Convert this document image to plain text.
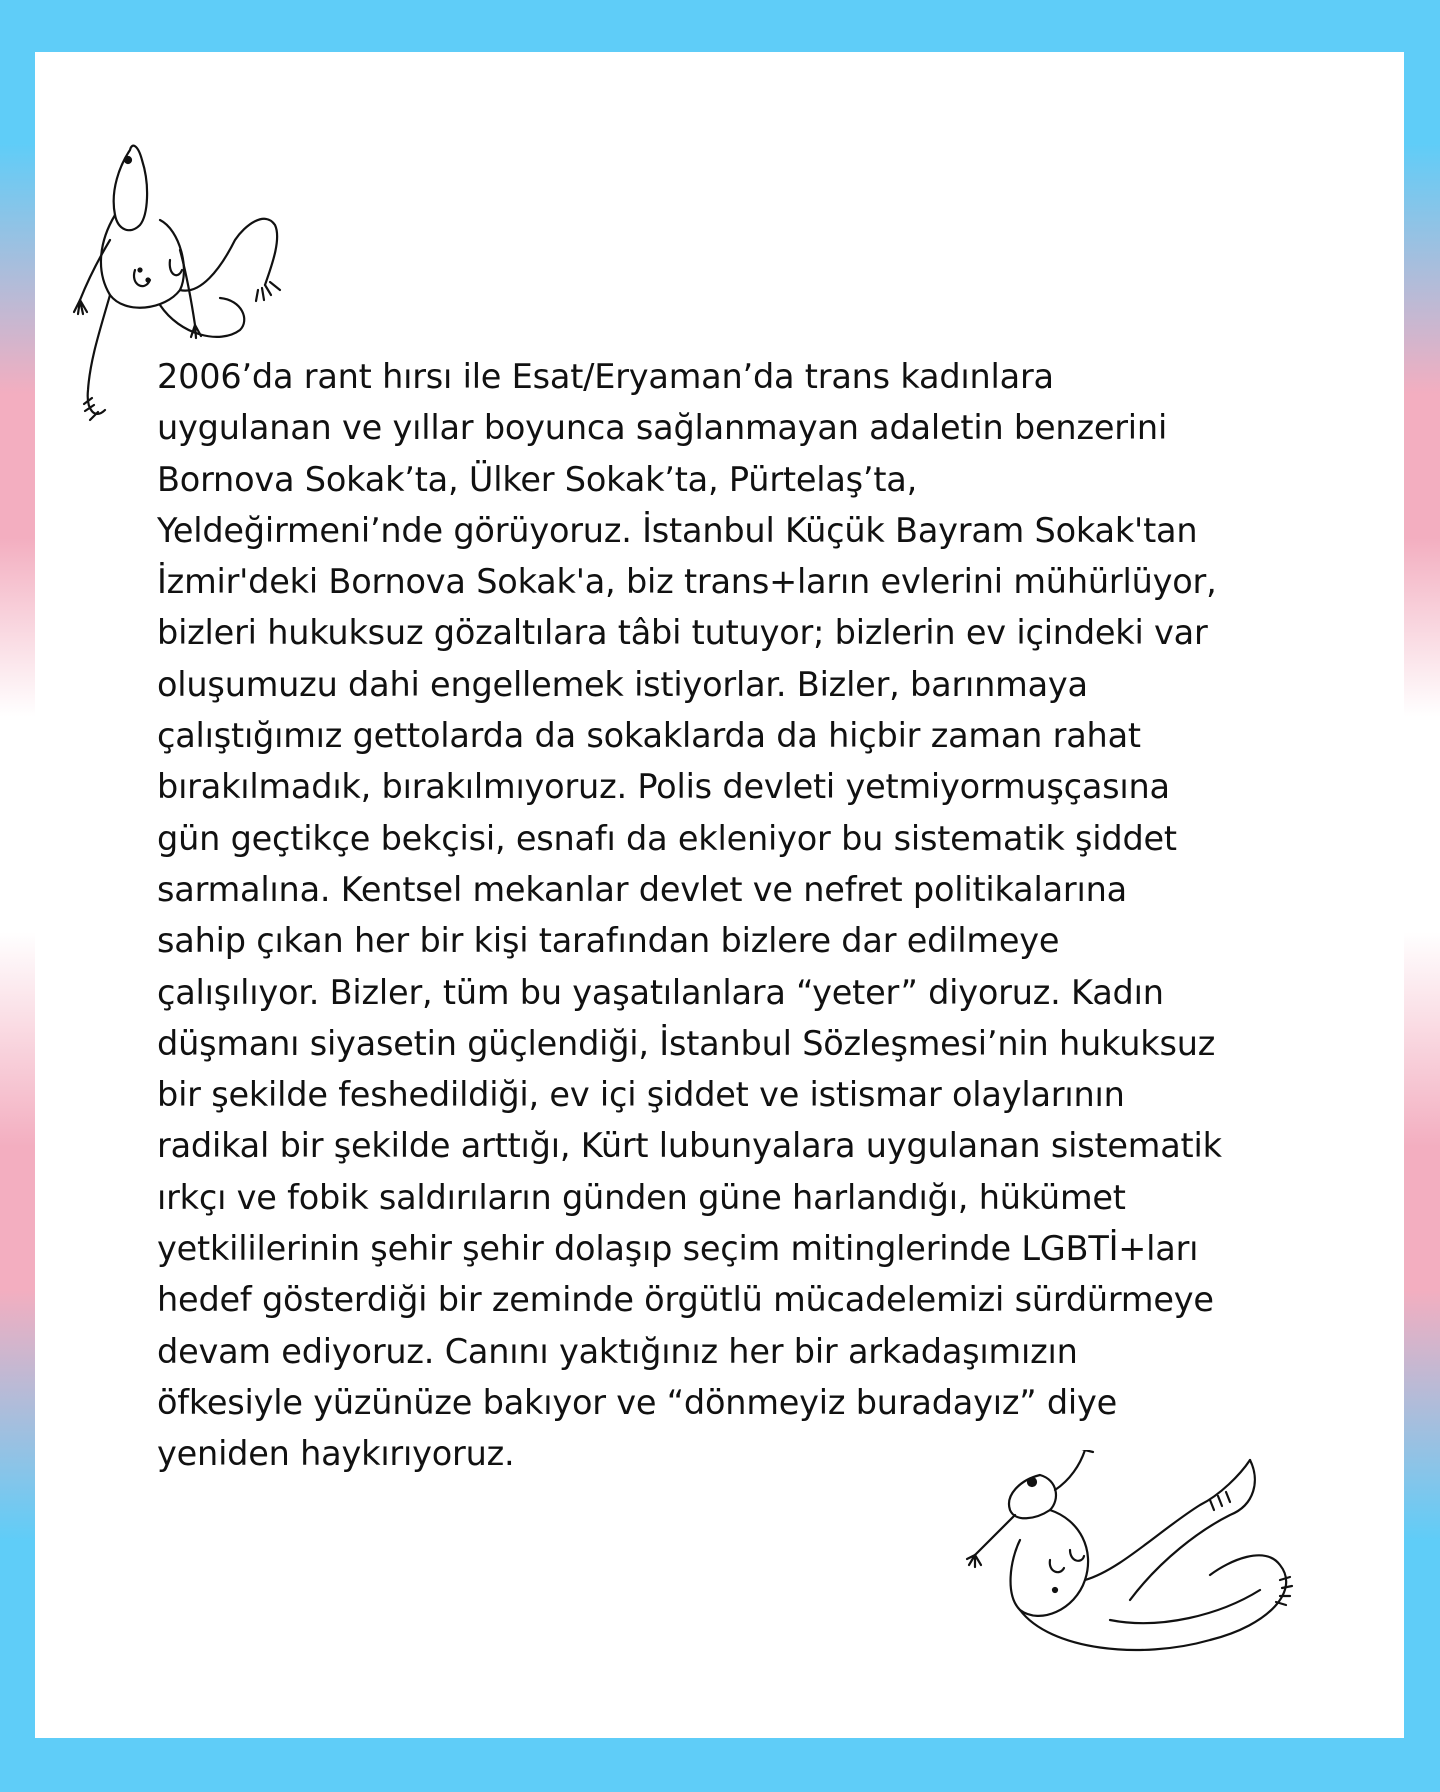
2006’da rant hırsı ile Esat/Eryaman’da trans kadınlara
uygulanan ve yıllar boyunca sağlanmayan adaletin benzerini
Bornova Sokak’ta, Ülker Sokak’ta, Pürtelaş’ta,
Yeldeğirmeni’nde görüyoruz. İstanbul Küçük Bayram Sokak'tan
İzmir'deki Bornova Sokak'a, biz trans+ların evlerini mühürlüyor,
bizleri hukuksuz gözaltılara tâbi tutuyor; bizlerin ev içindeki var
oluşumuzu dahi engellemek istiyorlar. Bizler, barınmaya
çalıştığımız gettolarda da sokaklarda da hiçbir zaman rahat
bırakılmadık, bırakılmıyoruz. Polis devleti yetmiyormuşçasına
gün geçtikçe bekçisi, esnafı da ekleniyor bu sistematik şiddet
sarmalına. Kentsel mekanlar devlet ve nefret politikalarına
sahip çıkan her bir kişi tarafından bizlere dar edilmeye
çalışılıyor. Bizler, tüm bu yaşatılanlara “yeter” diyoruz. Kadın
düşmanı siyasetin güçlendiği, İstanbul Sözleşmesi’nin hukuksuz
bir şekilde feshedildiği, ev içi şiddet ve istismar olaylarının
radikal bir şekilde arttığı, Kürt lubunyalara uygulanan sistematik
ırkçı ve fobik saldırıların günden güne harlandığı, hükümet
yetkililerinin şehir şehir dolaşıp seçim mitinglerinde LGBTİ+ları
hedef gösterdiği bir zeminde örgütlü mücadelemizi sürdürmeye
devam ediyoruz. Canını yaktığınız her bir arkadaşımızın
öfkesiyle yüzünüze bakıyor ve “dönmeyiz buradayız” diye
yeniden haykırıyoruz.
